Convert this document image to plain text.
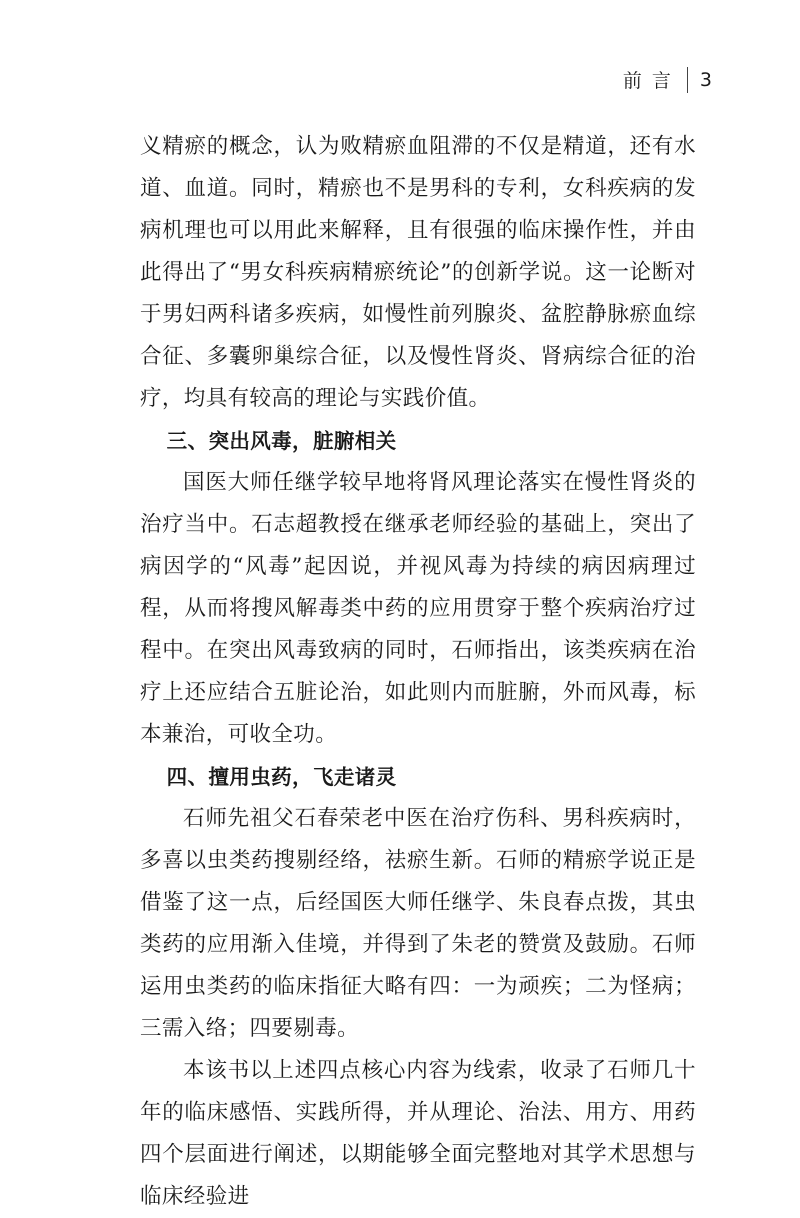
前言 3

义精瘀的概念，认为败精瘀血阻滞的不仅是精道，还有水道、血道。同时，精瘀也不是男科的专利，女科疾病的发病机理也可以用此来解释，且有很强的临床操作性，并由此得出了“男女科疾病精瘀统论”的创新学说。这一论断对于男妇两科诸多疾病，如慢性前列腺炎、盆腔静脉瘀血综合征、多囊卵巢综合征，以及慢性肾炎、肾病综合征的治疗，均具有较高的理论与实践价值。

三、突出风毒，脏腑相关

国医大师任继学较早地将肾风理论落实在慢性肾炎的治疗当中。石志超教授在继承老师经验的基础上，突出了病因学的“风毒”起因说，并视风毒为持续的病因病理过程，从而将搜风解毒类中药的应用贯穿于整个疾病治疗过程中。在突出风毒致病的同时，石师指出，该类疾病在治疗上还应结合五脏论治，如此则内而脏腑，外而风毒，标本兼治，可收全功。

四、擅用虫药，飞走诸灵

石师先祖父石春荣老中医在治疗伤科、男科疾病时，多喜以虫类药搜剔经络，祛瘀生新。石师的精瘀学说正是借鉴了这一点，后经国医大师任继学、朱良春点拨，其虫类药的应用渐入佳境，并得到了朱老的赞赏及鼓励。石师运用虫类药的临床指征大略有四：一为顽疾；二为怪病；三需入络；四要剔毒。

本该书以上述四点核心内容为线索，收录了石师几十年的临床感悟、实践所得，并从理论、治法、用方、用药四个层面进行阐述，以期能够全面完整地对其学术思想与临床经验进
